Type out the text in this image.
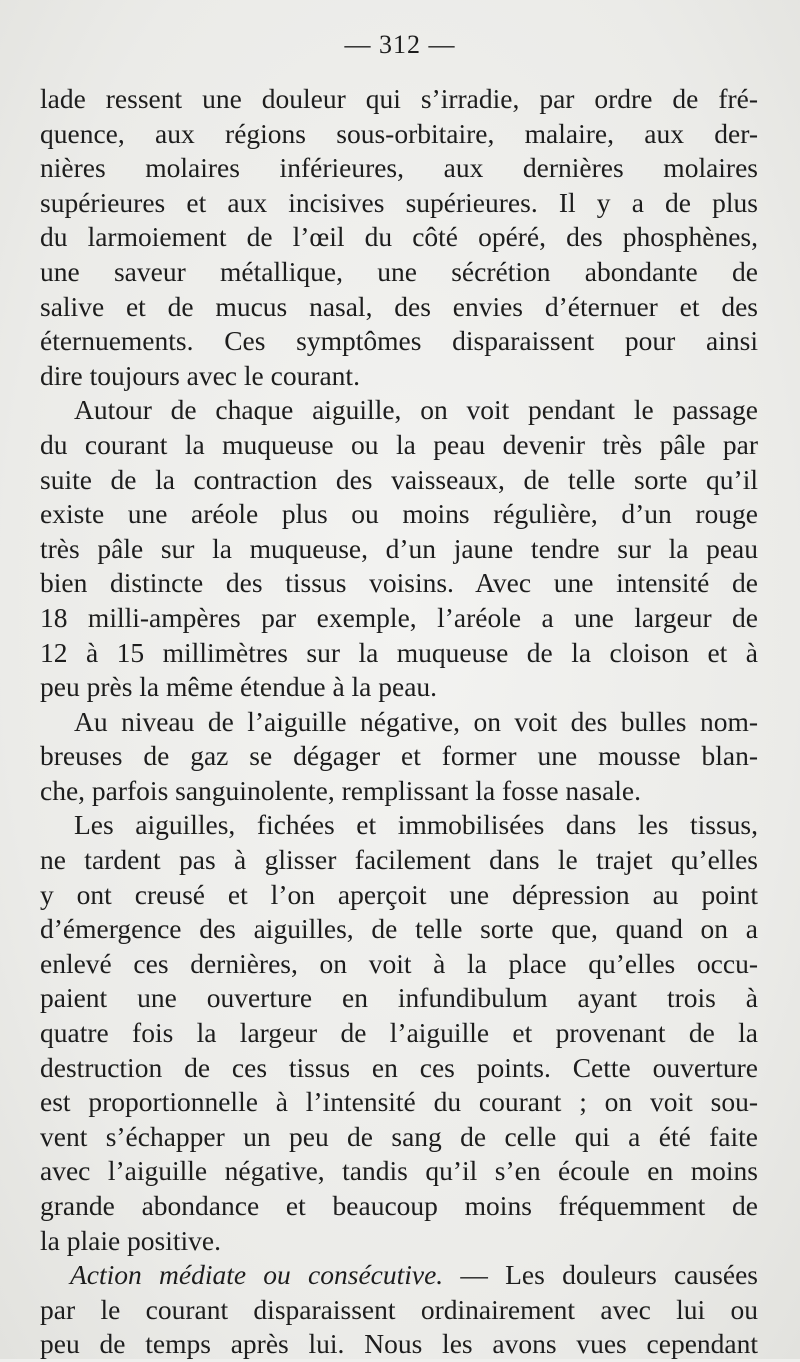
— 312 —
lade ressent une douleur qui s’irradie, par ordre de fré-
quence, aux régions sous-orbitaire, malaire, aux der-
nières molaires inférieures, aux dernières molaires
supérieures et aux incisives supérieures. Il y a de plus
du larmoiement de l’œil du côté opéré, des phosphènes,
une saveur métallique, une sécrétion abondante de
salive et de mucus nasal, des envies d’éternuer et des
éternuements. Ces symptômes disparaissent pour ainsi
dire toujours avec le courant.
Autour de chaque aiguille, on voit pendant le passage
du courant la muqueuse ou la peau devenir très pâle par
suite de la contraction des vaisseaux, de telle sorte qu’il
existe une aréole plus ou moins régulière, d’un rouge
très pâle sur la muqueuse, d’un jaune tendre sur la peau
bien distincte des tissus voisins. Avec une intensité de
18 milli-ampères par exemple, l’aréole a une largeur de
12 à 15 millimètres sur la muqueuse de la cloison et à
peu près la même étendue à la peau.
Au niveau de l’aiguille négative, on voit des bulles nom-
breuses de gaz se dégager et former une mousse blan-
che, parfois sanguinolente, remplissant la fosse nasale.
Les aiguilles, fichées et immobilisées dans les tissus,
ne tardent pas à glisser facilement dans le trajet qu’elles
y ont creusé et l’on aperçoit une dépression au point
d’émergence des aiguilles, de telle sorte que, quand on a
enlevé ces dernières, on voit à la place qu’elles occu-
paient une ouverture en infundibulum ayant trois à
quatre fois la largeur de l’aiguille et provenant de la
destruction de ces tissus en ces points. Cette ouverture
est proportionnelle à l’intensité du courant ; on voit sou-
vent s’échapper un peu de sang de celle qui a été faite
avec l’aiguille négative, tandis qu’il s’en écoule en moins
grande abondance et beaucoup moins fréquemment de
la plaie positive.
Action médiate ou consécutive. — Les douleurs causées
par le courant disparaissent ordinairement avec lui ou
peu de temps après lui. Nous les avons vues cependant
